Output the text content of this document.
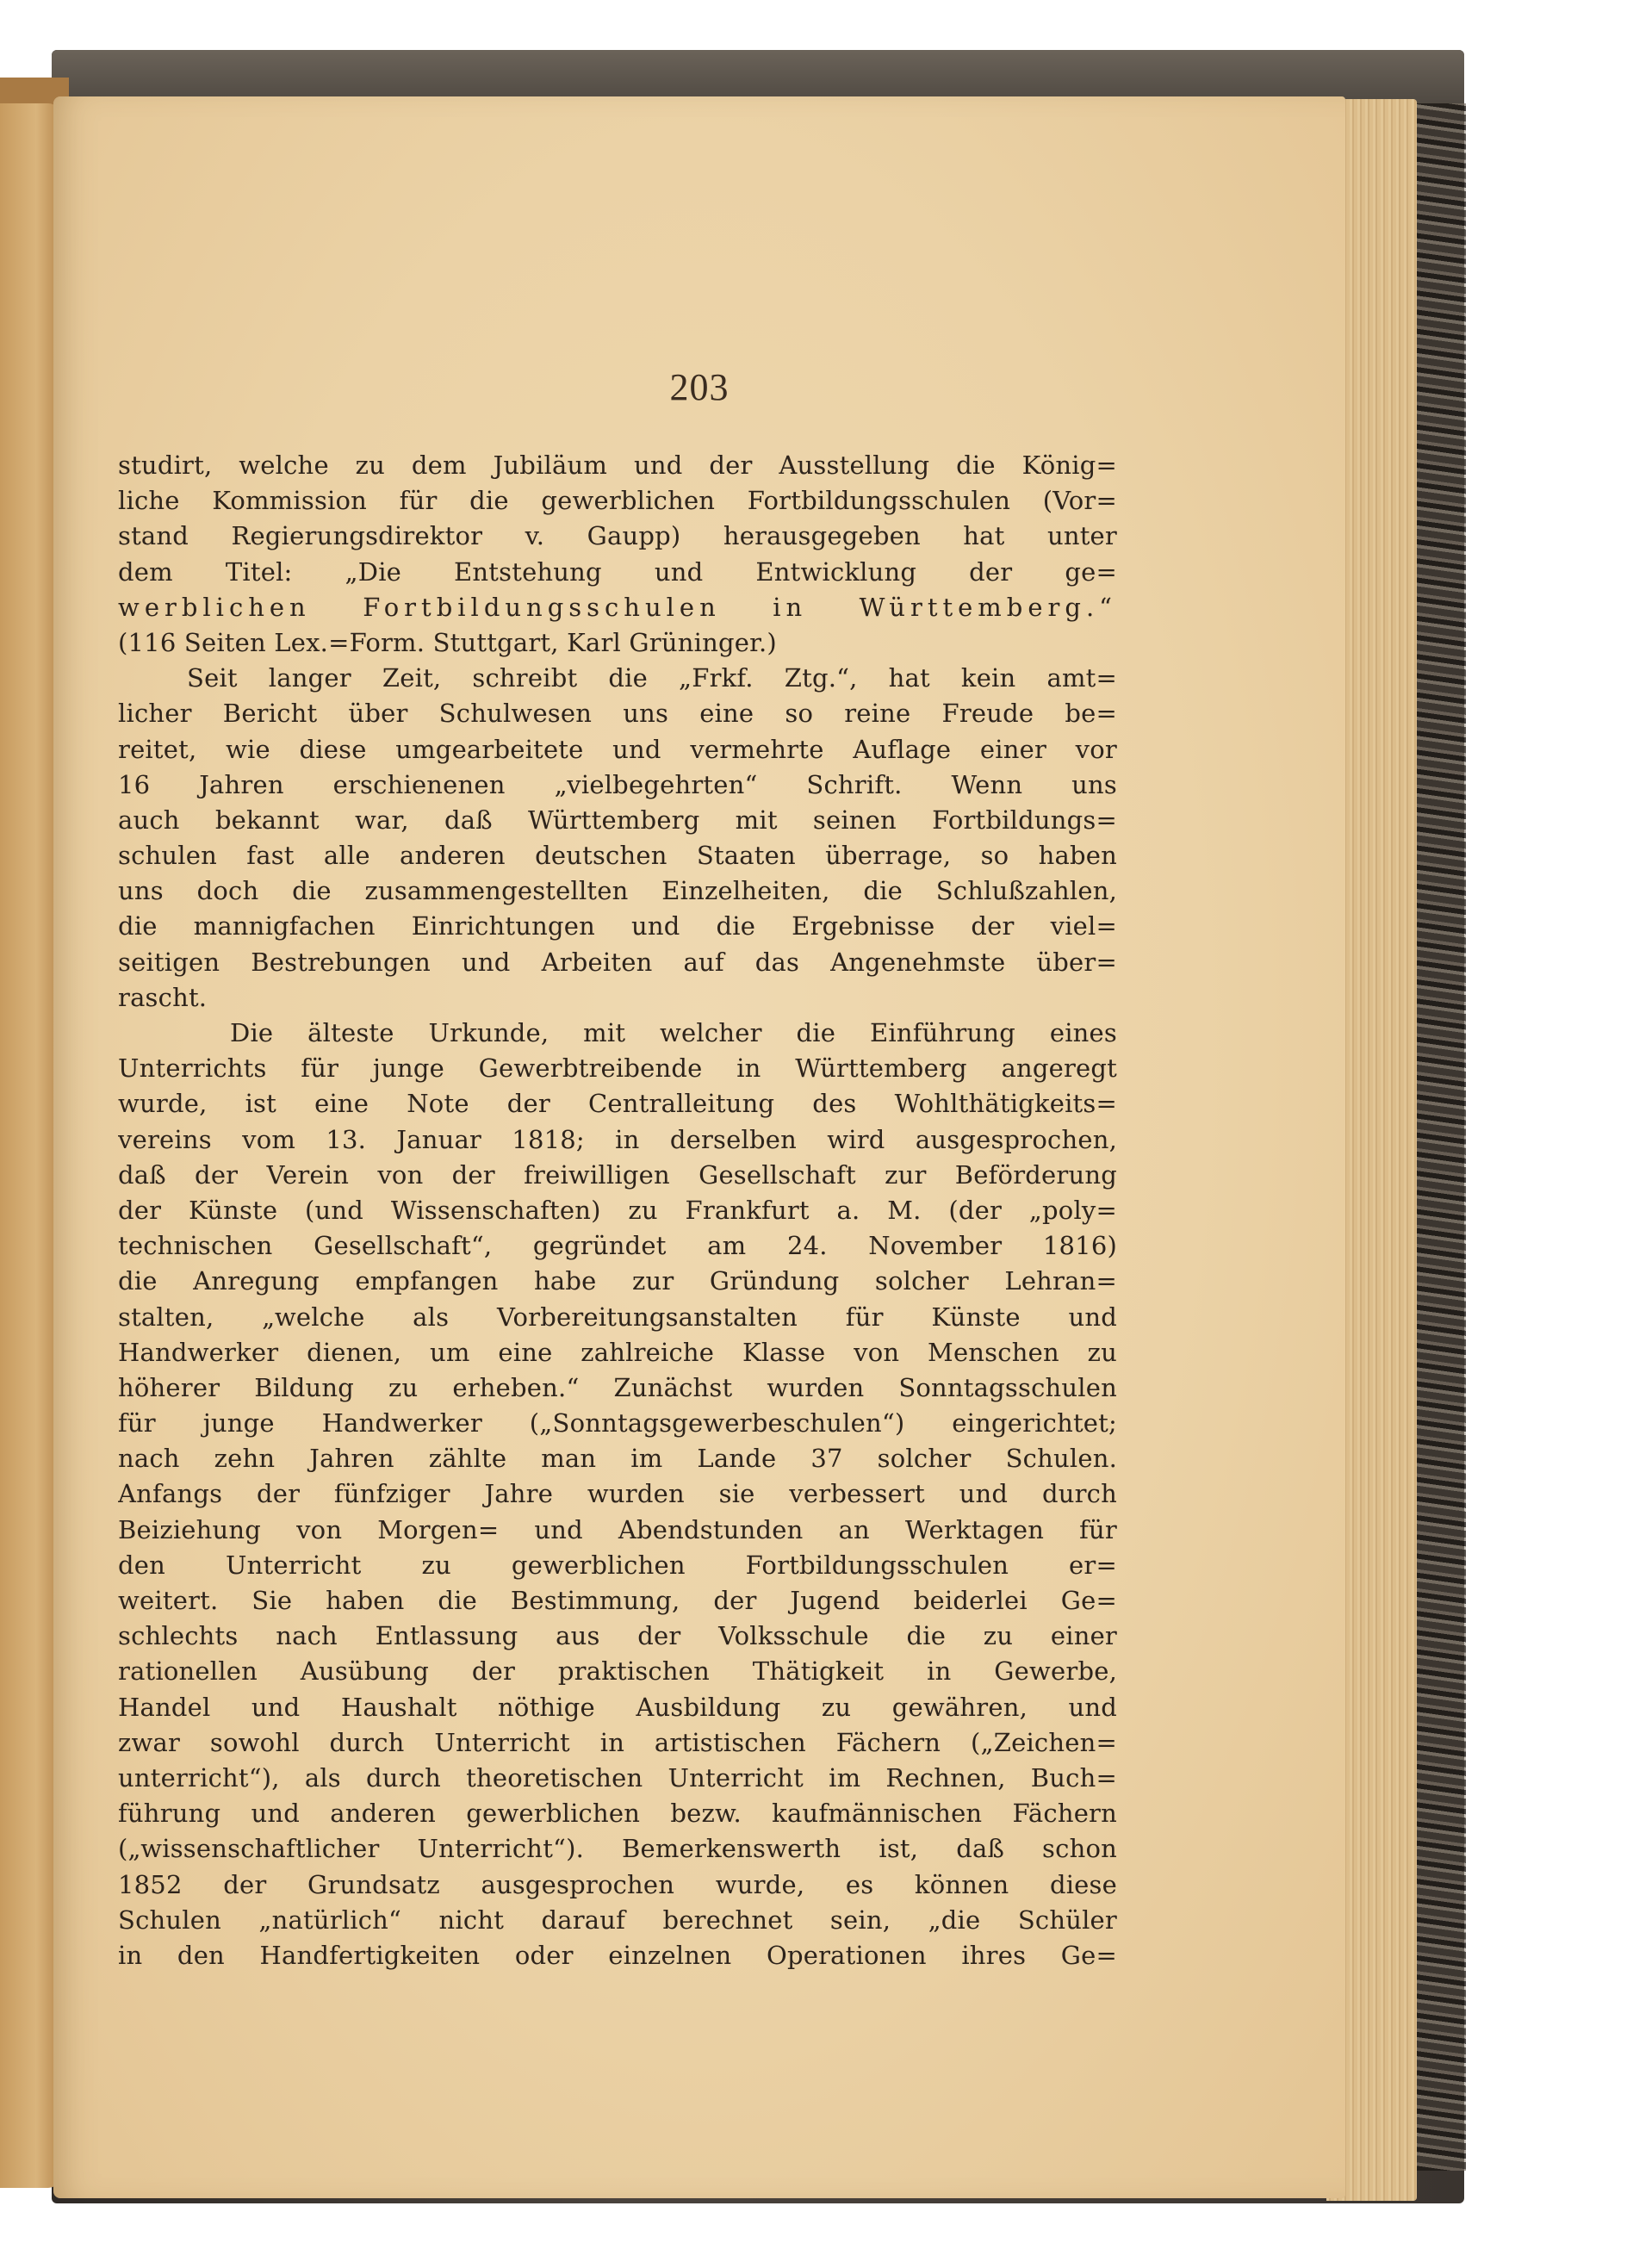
203
studirt, welche zu dem Jubiläum und der Ausstellung die König=
liche Kommission für die gewerblichen Fortbildungsschulen (Vor=
stand Regierungsdirektor v. Gaupp) herausgegeben hat unter
dem Titel: „Die Entstehung und Entwicklung der ge=
werblichen Fortbildungsschulen in Württemberg.“
(116 Seiten Lex.=Form. Stuttgart, Karl Grüninger.)
Seit langer Zeit, schreibt die „Frkf. Ztg.“, hat kein amt=
licher Bericht über Schulwesen uns eine so reine Freude be=
reitet, wie diese umgearbeitete und vermehrte Auflage einer vor
16 Jahren erschienenen „vielbegehrten“ Schrift. Wenn uns
auch bekannt war, daß Württemberg mit seinen Fortbildungs=
schulen fast alle anderen deutschen Staaten überrage, so haben
uns doch die zusammengestellten Einzelheiten, die Schlußzahlen,
die mannigfachen Einrichtungen und die Ergebnisse der viel=
seitigen Bestrebungen und Arbeiten auf das Angenehmste über=
rascht.
Die älteste Urkunde, mit welcher die Einführung eines
Unterrichts für junge Gewerbtreibende in Württemberg angeregt
wurde, ist eine Note der Centralleitung des Wohlthätigkeits=
vereins vom 13. Januar 1818; in derselben wird ausgesprochen,
daß der Verein von der freiwilligen Gesellschaft zur Beförderung
der Künste (und Wissenschaften) zu Frankfurt a. M. (der „poly=
technischen Gesellschaft“, gegründet am 24. November 1816)
die Anregung empfangen habe zur Gründung solcher Lehran=
stalten, „welche als Vorbereitungsanstalten für Künste und
Handwerker dienen, um eine zahlreiche Klasse von Menschen zu
höherer Bildung zu erheben.“ Zunächst wurden Sonntagsschulen
für junge Handwerker („Sonntagsgewerbeschulen“) eingerichtet;
nach zehn Jahren zählte man im Lande 37 solcher Schulen.
Anfangs der fünfziger Jahre wurden sie verbessert und durch
Beiziehung von Morgen= und Abendstunden an Werktagen für
den Unterricht zu gewerblichen Fortbildungsschulen er=
weitert. Sie haben die Bestimmung, der Jugend beiderlei Ge=
schlechts nach Entlassung aus der Volksschule die zu einer
rationellen Ausübung der praktischen Thätigkeit in Gewerbe,
Handel und Haushalt nöthige Ausbildung zu gewähren, und
zwar sowohl durch Unterricht in artistischen Fächern („Zeichen=
unterricht“), als durch theoretischen Unterricht im Rechnen, Buch=
führung und anderen gewerblichen bezw. kaufmännischen Fächern
(„wissenschaftlicher Unterricht“). Bemerkenswerth ist, daß schon
1852 der Grundsatz ausgesprochen wurde, es können diese
Schulen „natürlich“ nicht darauf berechnet sein, „die Schüler
in den Handfertigkeiten oder einzelnen Operationen ihres Ge=
